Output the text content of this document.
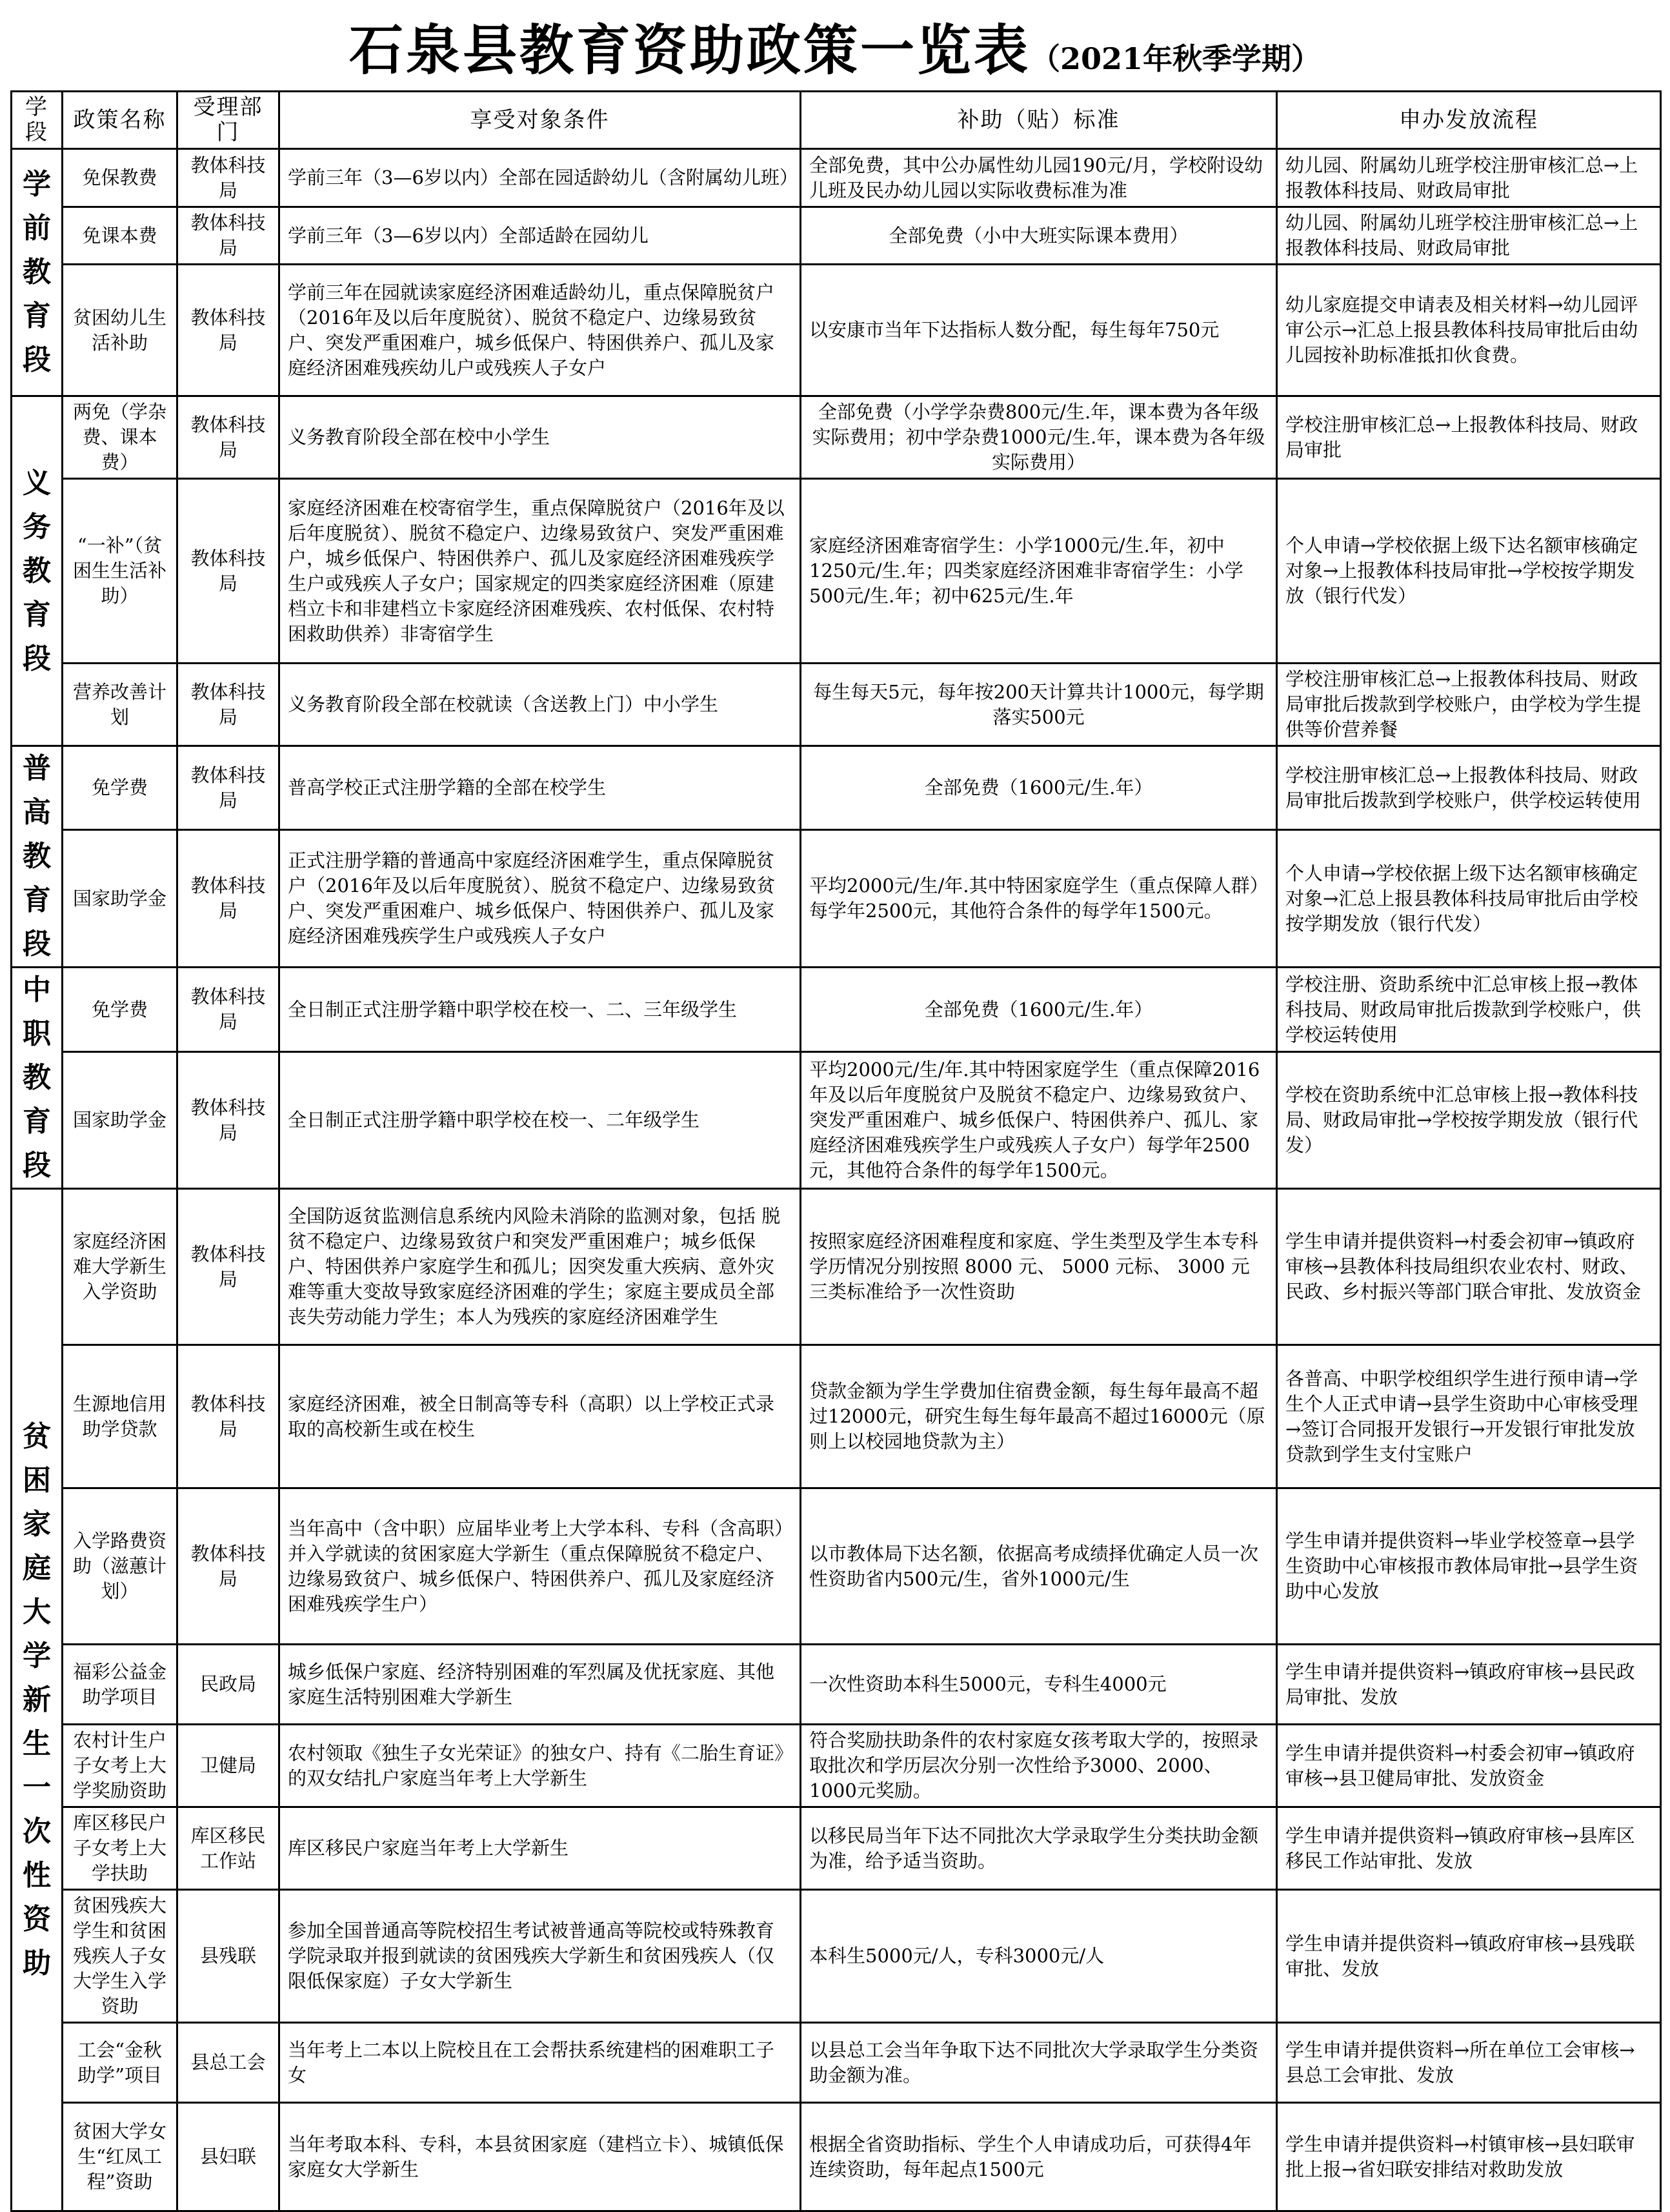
石泉县教育资助政策一览表（2021年秋季学期）
学段	政策名称	受理部门	享受对象条件	补助（贴）标准	申办发放流程
学前教育段	免保教费	教体科技局	学前三年（3—6岁以内）全部在园适龄幼儿（含附属幼儿班）	全部免费，其中公办属性幼儿园190元/月，学校附设幼儿班及民办幼儿园以实际收费标准为准	幼儿园、附属幼儿班学校注册审核汇总→上报教体科技局、财政局审批

	免课本费	教体科技局	学前三年（3—6岁以内）全部适龄在园幼儿	全部免费（小中大班实际课本费用）	幼儿园、附属幼儿班学校注册审核汇总→上报教体科技局、财政局审批

	贫困幼儿生活补助	教体科技局	学前三年在园就读家庭经济困难适龄幼儿，重点保障脱贫户（2016年及以后年度脱贫）、脱贫不稳定户、边缘易致贫户、突发严重困难户，城乡低保户、特困供养户、孤儿及家庭经济困难残疾幼儿户或残疾人子女户	以安康市当年下达指标人数分配，每生每年750元	幼儿家庭提交申请表及相关材料→幼儿园评审公示→汇总上报县教体科技局审批后由幼儿园按补助标准抵扣伙食费。
义务教育段	两免（学杂费、课本费）	教体科技局	义务教育阶段全部在校中小学生	全部免费（小学学杂费800元/生.年，课本费为各年级实际费用；初中学杂费1000元/生.年，课本费为各年级实际费用）	学校注册审核汇总→上报教体科技局、财政局审批
	“一补”（贫困生生活补助）	教体科技局	家庭经济困难在校寄宿学生，重点保障脱贫户（2016年及以后年度脱贫）、脱贫不稳定户、边缘易致贫户、突发严重困难户，城乡低保户、特困供养户、孤儿及家庭经济困难残疾学生户或残疾人子女户；国家规定的四类家庭经济困难（原建档立卡和非建档立卡家庭经济困难残疾、农村低保、农村特困救助供养）非寄宿学生	家庭经济困难寄宿学生：小学1000元/生.年，初中1250元/生.年；四类家庭经济困难非寄宿学生：小学500元/生.年；初中625元/生.年	个人申请→学校依据上级下达名额审核确定对象→上报教体科技局审批→学校按学期发放（银行代发）
	营养改善计划	教体科技局	义务教育阶段全部在校就读（含送教上门）中小学生	每生每天5元，每年按200天计算共计1000元，每学期落实500元	学校注册审核汇总→上报教体科技局、财政局审批后拨款到学校账户，由学校为学生提供等价营养餐

普高教育段	免学费	教体科技局	普高学校正式注册学籍的全部在校学生	全部免费（1600元/生.年）	学校注册审核汇总→上报教体科技局、财政局审批后拨款到学校账户，供学校运转使用

	国家助学金	教体科技局	正式注册学籍的普通高中家庭经济困难学生，重点保障脱贫户（2016年及以后年度脱贫）、脱贫不稳定户、边缘易致贫户、突发严重困难户、城乡低保户、特困供养户、孤儿及家庭经济困难残疾学生户或残疾人子女户	平均2000元/生/年.其中特困家庭学生（重点保障人群）每学年2500元，其他符合条件的每学年1500元。	个人申请→学校依据上级下达名额审核确定对象→汇总上报县教体科技局审批后由学校按学期发放（银行代发）
中职教育段	免学费	教体科技局	全日制正式注册学籍中职学校在校一、二、三年级学生	全部免费（1600元/生.年）	学校注册、资助系统中汇总审核上报→教体科技局、财政局审批后拨款到学校账户，供学校运转使用

	国家助学金	教体科技局	全日制正式注册学籍中职学校在校一、二年级学生	平均2000元/生/年.其中特困家庭学生（重点保障2016年及以后年度脱贫户及脱贫不稳定户、边缘易致贫户、突发严重困难户、城乡低保户、特困供养户、孤儿、家庭经济困难残疾学生户或残疾人子女户）每学年2500元，其他符合条件的每学年1500元。	学校在资助系统中汇总审核上报→教体科技局、财政局审批→学校按学期发放（银行代发）
贫困家庭大学新生一次性资助	家庭经济困难大学新生入学资助	教体科技局	全国防返贫监测信息系统内风险未消除的监测对象，包括 脱贫不稳定户、边缘易致贫户和突发严重困难户；城乡低保户、特困供养户家庭学生和孤儿；因突发重大疾病、意外灾难等重大变故导致家庭经济困难的学生；家庭主要成员全部丧失劳动能力学生；本人为残疾的家庭经济困难学生	按照家庭经济困难程度和家庭、学生类型及学生本专科学历情况分别按照 8000 元、 5000 元标、 3000 元三类标准给予一次性资助	学生申请并提供资料→村委会初审→镇政府审核→县教体科技局组织农业农村、财政、民政、乡村振兴等部门联合审批、发放资金
	生源地信用助学贷款	教体科技局	家庭经济困难，被全日制高等专科（高职）以上学校正式录取的高校新生或在校生	贷款金额为学生学费加住宿费金额，每生每年最高不超过12000元，研究生每生每年最高不超过16000元（原则上以校园地贷款为主）	各普高、中职学校组织学生进行预申请→学生个人正式申请→县学生资助中心审核受理→签订合同报开发银行→开发银行审批发放贷款到学生支付宝账户
	入学路费资助（滋蕙计划）	教体科技局	当年高中（含中职）应届毕业考上大学本科、专科（含高职）并入学就读的贫困家庭大学新生（重点保障脱贫不稳定户、边缘易致贫户、城乡低保户、特困供养户、孤儿及家庭经济困难残疾学生户）	以市教体局下达名额，依据高考成绩择优确定人员一次性资助省内500元/生，省外1000元/生	学生申请并提供资料→毕业学校签章→县学生资助中心审核报市教体局审批→县学生资助中心发放
	福彩公益金助学项目	民政局	城乡低保户家庭、经济特别困难的军烈属及优抚家庭、其他家庭生活特别困难大学新生	一次性资助本科生5000元，专科生4000元	学生申请并提供资料→镇政府审核→县民政局审批、发放
	农村计生户子女考上大学奖励资助	卫健局	农村领取《独生子女光荣证》的独女户、持有《二胎生育证》的双女结扎户家庭当年考上大学新生	符合奖励扶助条件的农村家庭女孩考取大学的，按照录取批次和学历层次分别一次性给予3000、2000、1000元奖励。	学生申请并提供资料→村委会初审→镇政府审核→县卫健局审批、发放资金
	库区移民户子女考上大学扶助	库区移民工作站	库区移民户家庭当年考上大学新生	以移民局当年下达不同批次大学录取学生分类扶助金额为准，给予适当资助。	学生申请并提供资料→镇政府审核→县库区移民工作站审批、发放
	贫困残疾大学生和贫困残疾人子女大学生入学资助	县残联	参加全国普通高等院校招生考试被普通高等院校或特殊教育学院录取并报到就读的贫困残疾大学新生和贫困残疾人（仅限低保家庭）子女大学新生	本科生5000元/人，专科3000元/人	学生申请并提供资料→镇政府审核→县残联审批、发放
	工会“金秋助学”项目	县总工会	当年考上二本以上院校且在工会帮扶系统建档的困难职工子女	以县总工会当年争取下达不同批次大学录取学生分类资助金额为准。	学生申请并提供资料→所在单位工会审核→县总工会审批、发放
	贫困大学女生“红凤工程”资助	县妇联	当年考取本科、专科，本县贫困家庭（建档立卡）、城镇低保家庭女大学新生	根据全省资助指标、学生个人申请成功后，可获得4年连续资助，每年起点1500元	学生申请并提供资料→村镇审核→县妇联审批上报→省妇联安排结对救助发放
